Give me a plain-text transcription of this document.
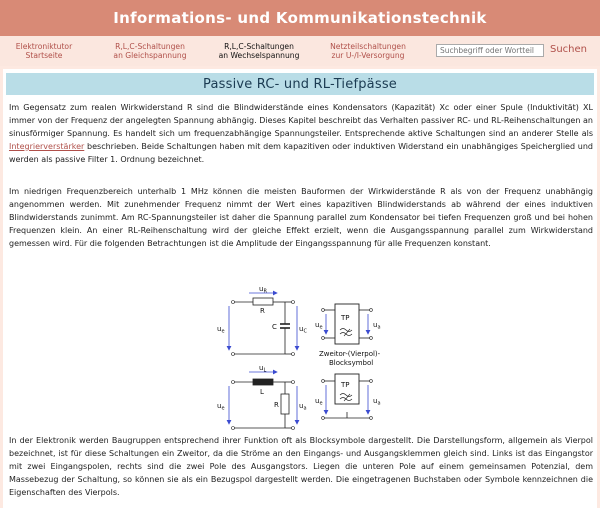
Informations- und Kommunikationstechnik
Elektroniktutor
Startseite
R,L,C-Schaltungen
an Gleichspannung
R,L,C-Schaltungen
an Wechselspannung
Netzteilschaltungen
zur U-/I-Versorgung
Suchbegriff oder Wortteil
Suchen
Passive RC- und RL-Tiefpässe

Im Gegensatz zum realen Wirkwiderstand R sind die Blindwiderstände eines Kondensators (Kapazität) Xc oder einer Spule (Induktivität) XL immer von der Frequenz der angelegten Spannung abhängig. Dieses Kapitel beschreibt das Verhalten passiver RC- und RL-Reihenschaltungen an sinusförmiger Spannung. Es handelt sich um frequenzabhängige Spannungsteiler. Entsprechende aktive Schaltungen sind an anderer Stelle als Integrierverstärker beschrieben. Beide Schaltungen haben mit dem kapazitiven oder induktiven Widerstand ein unabhängiges Speicherglied und werden als passive Filter 1. Ordnung bezeichnet.

Im niedrigen Frequenzbereich unterhalb 1 MHz können die meisten Bauformen der Wirkwiderstände R als von der Frequenz unabhängig angenommen werden. Mit zunehmender Frequenz nimmt der Wert eines kapazitiven Blindwiderstands ab während der eines induktiven Blindwiderstands zunimmt. Am RC-Spannungsteiler ist daher die Spannung parallel zum Kondensator bei tiefen Frequenzen groß und bei hohen Frequenzen klein. An einer RL-Reihenschaltung wird der gleiche Effekt erzielt, wenn die Ausgangsspannung parallel zum Wirkwiderstand gemessen wird. Für die folgenden Betrachtungen ist die Amplitude der Eingangsspannung für alle Frequenzen konstant.

$u_R$
R
C
$u_e$	$u_C$
$u_L$
L
R
$u_e$	$u_a$
TP
$u_e$	$u_a$
Zweitor-(Vierpol)-
Blocksymbol
TP
$u_e$	$u_a$

In der Elektronik werden Baugruppen entsprechend ihrer Funktion oft als Blocksymbole dargestellt. Die Darstellungsform, allgemein als Vierpol bezeichnet, ist für diese Schaltungen ein Zweitor, da die Ströme an den Eingangs- und Ausgangsklemmen gleich sind. Links ist das Eingangstor mit zwei Eingangspolen, rechts sind die zwei Pole des Ausgangstors. Liegen die unteren Pole auf einem gemeinsamen Potenzial, dem Massebezug der Schaltung, so können sie als ein Bezugspol dargestellt werden. Die eingetragenen Buchstaben oder Symbole kennzeichnen die Eigenschaften des Vierpols.
